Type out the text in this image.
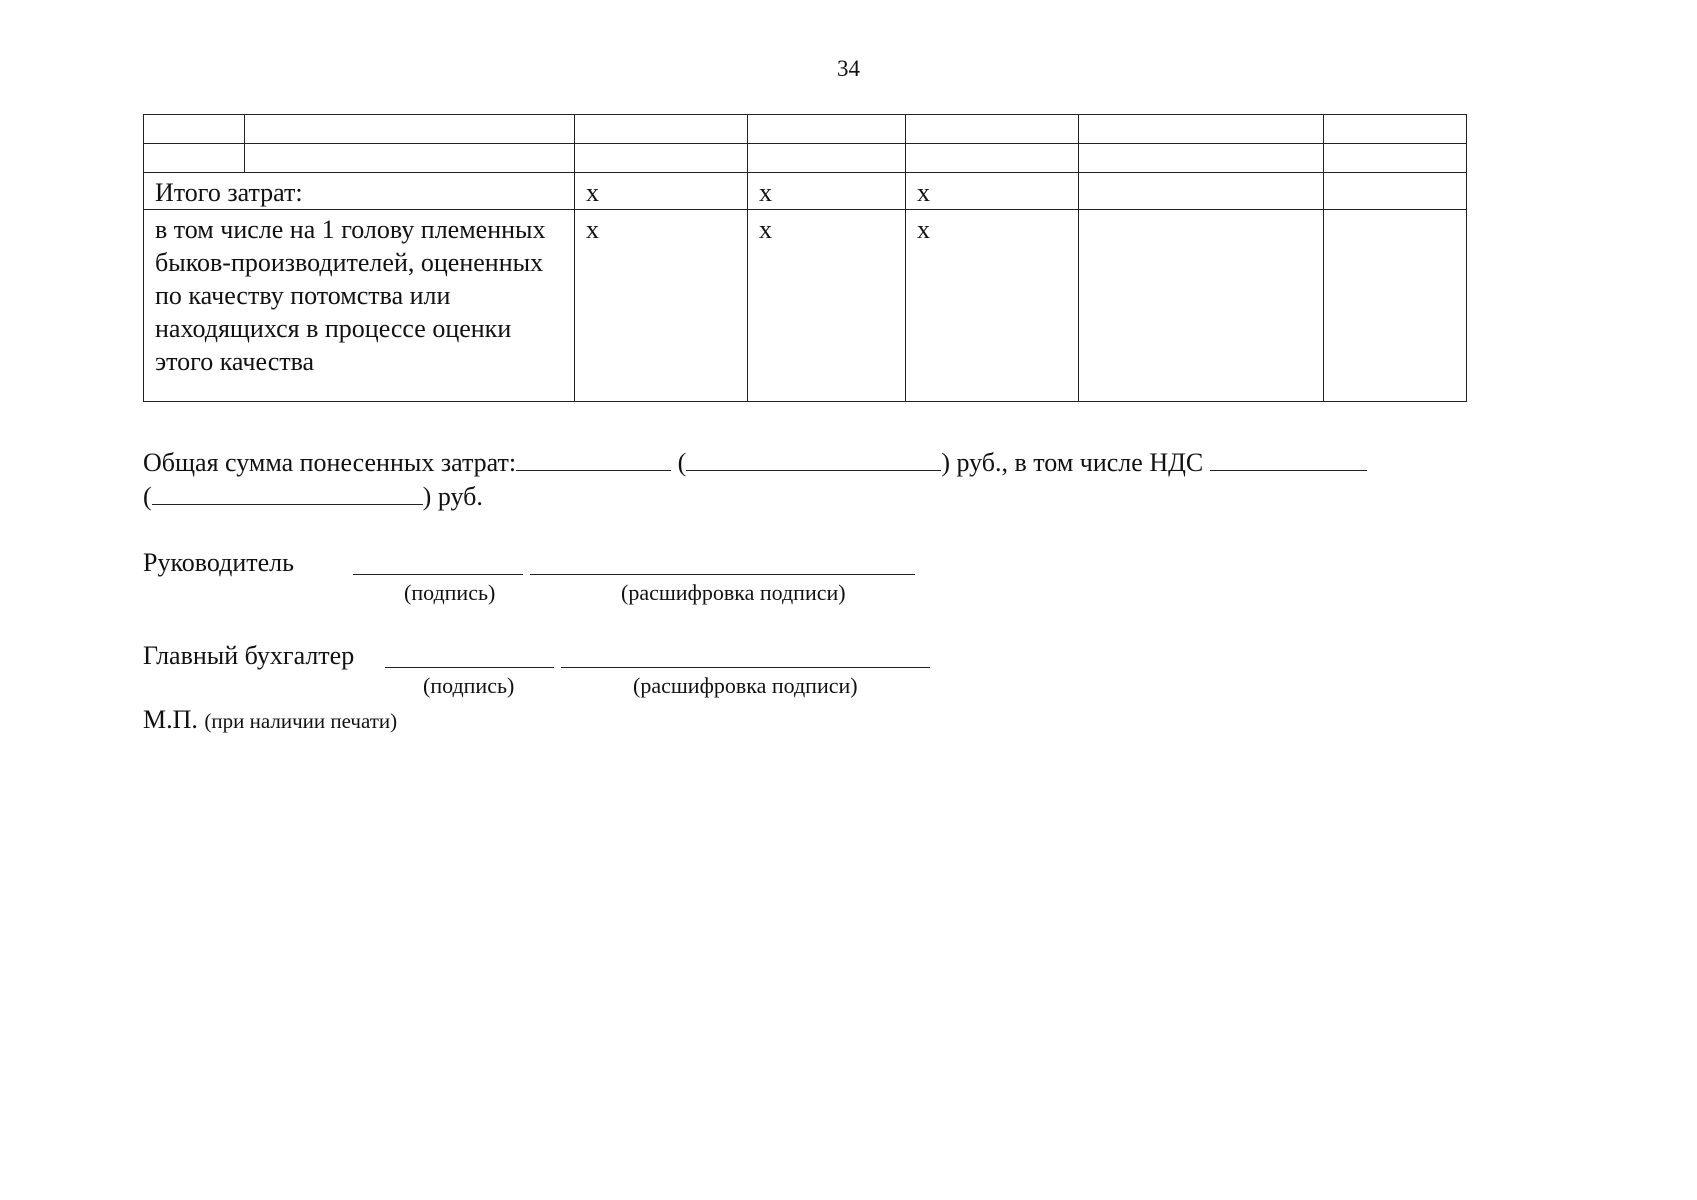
34

Итого затрат:		х	х	х		
в том числе на 1 голову племенных быков-производителей, оцененных по качеству потомства или находящихся в процессе оценки этого качества		х	х	х		
Общая сумма понесенных затрат:	(	) руб., в том числе НДС
(	) руб.
Руководитель
(подпись)	(расшифровка подписи)
Главный бухгалтер
(подпись)	(расшифровка подписи)
М.П. (при наличии печати)
